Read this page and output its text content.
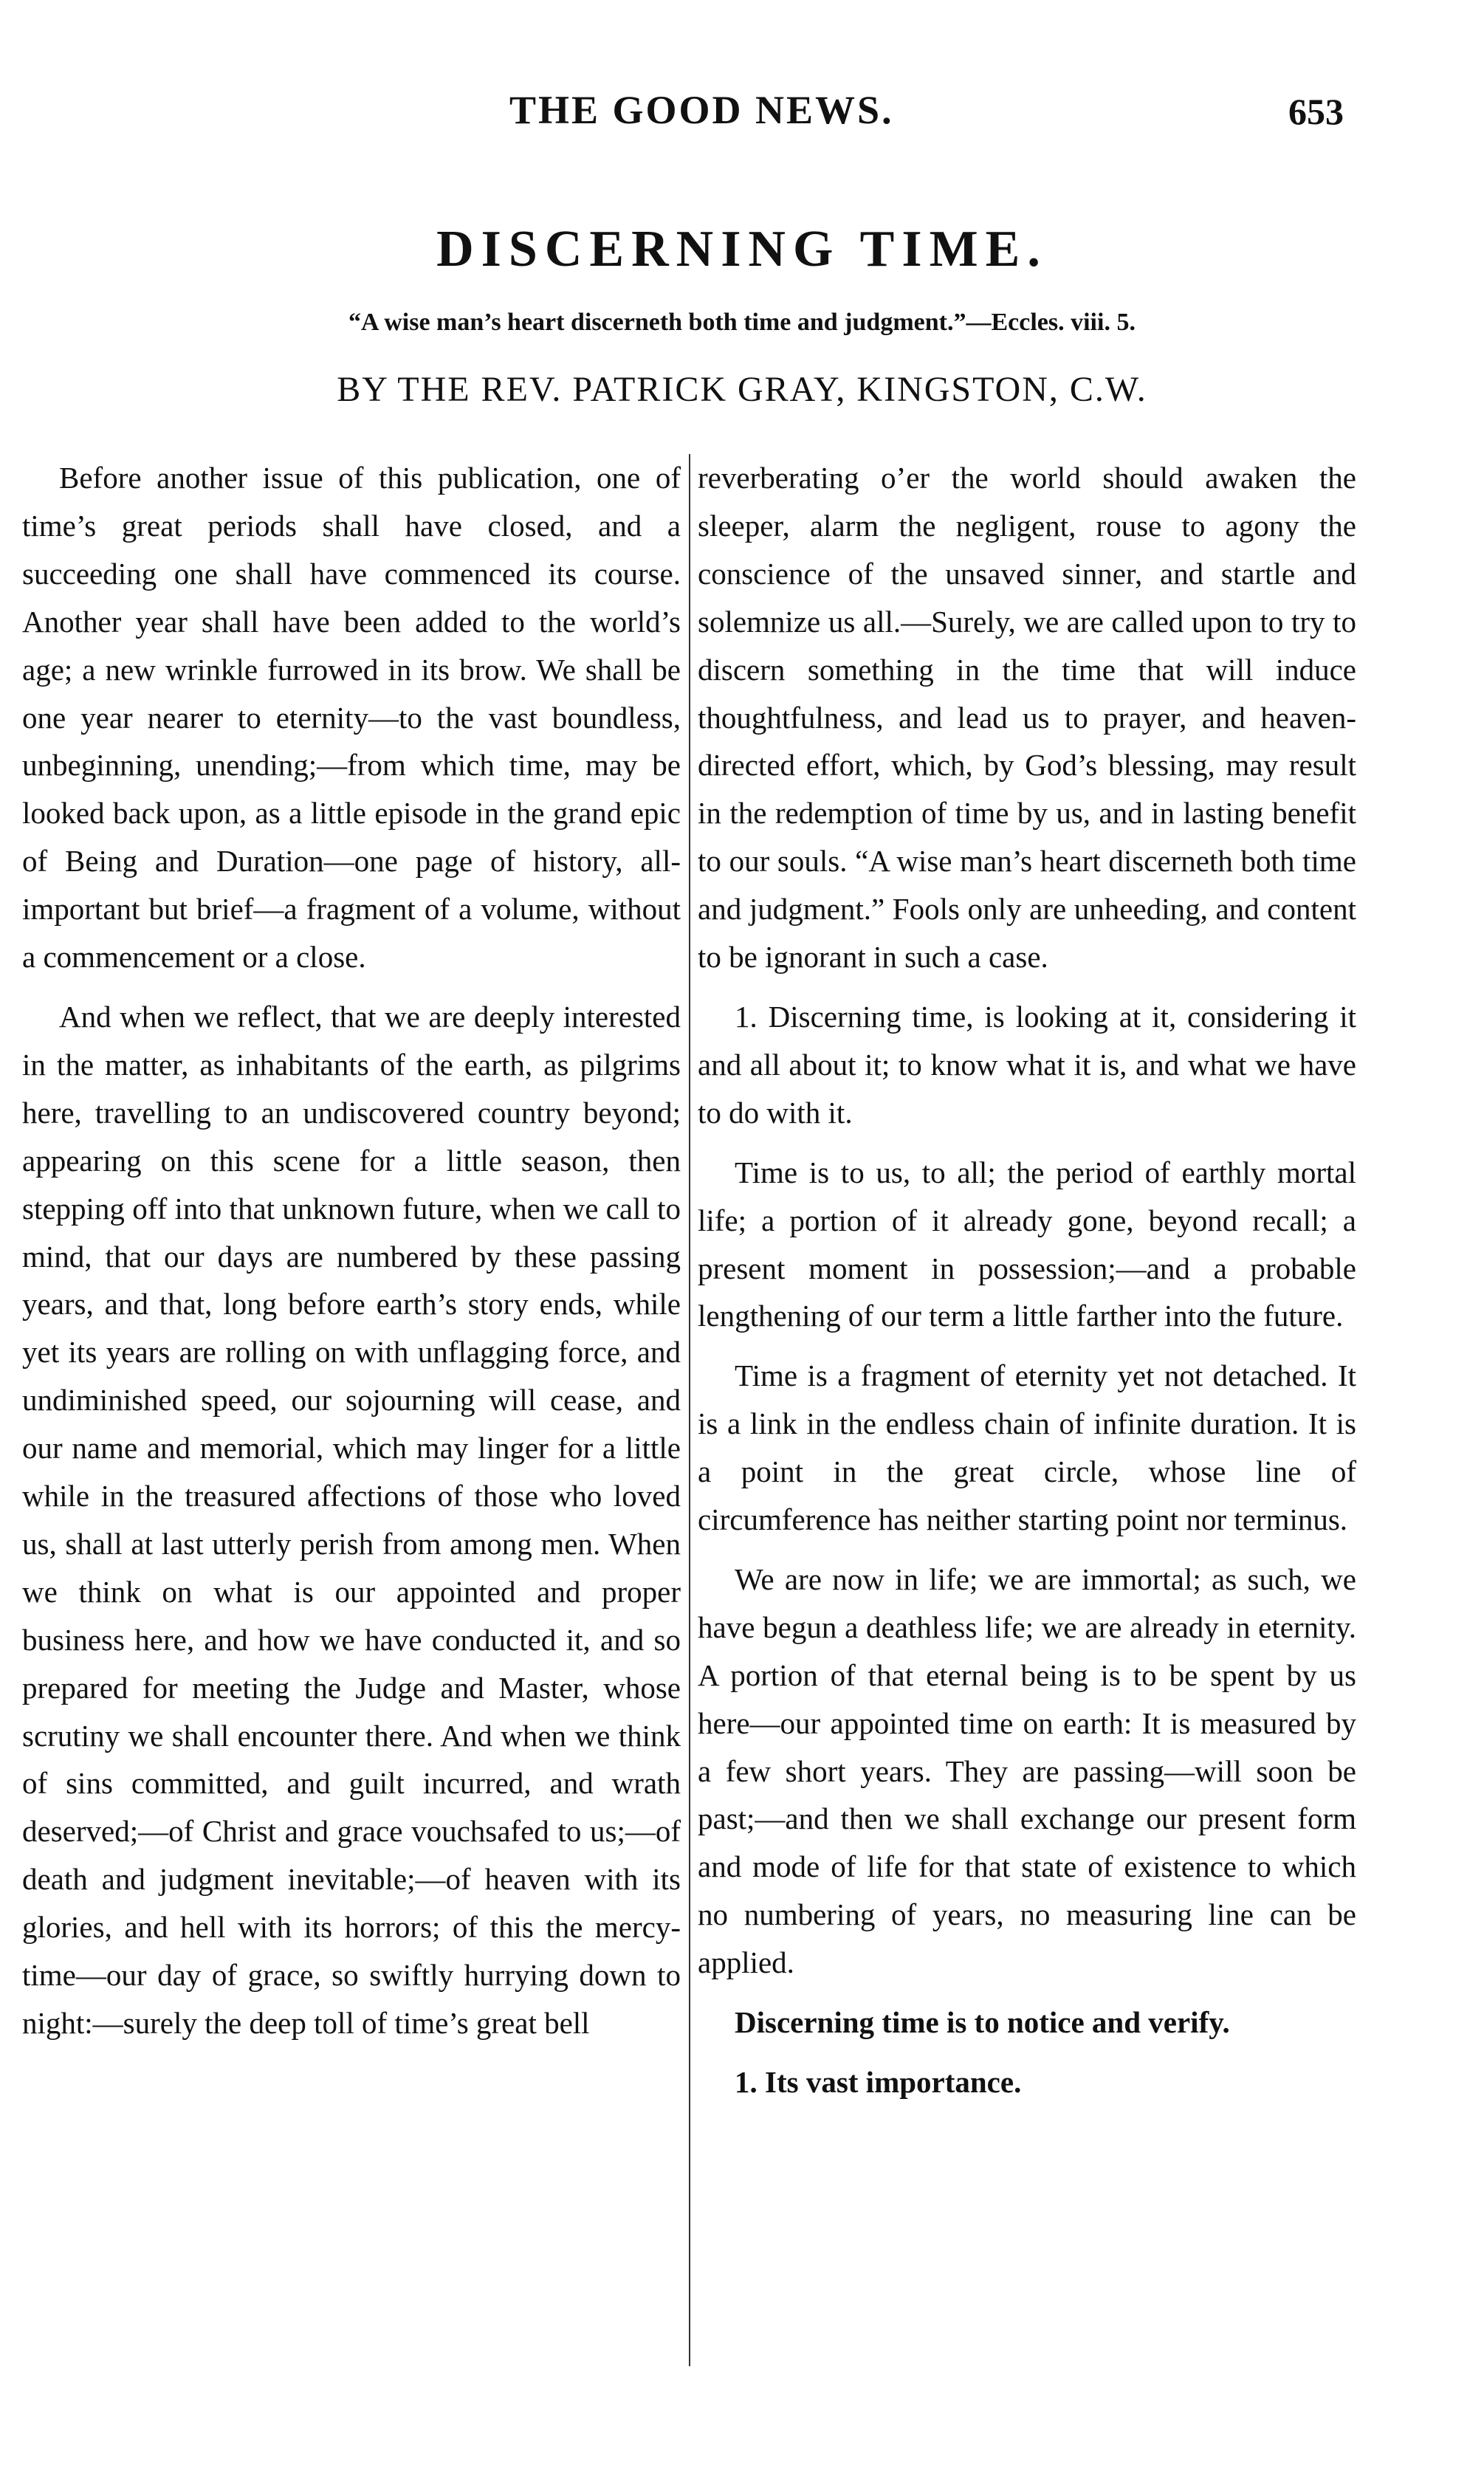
THE GOOD NEWS.	653
DISCERNING TIME.
“A wise man’s heart discerneth both time and judgment.”—Eccles. viii. 5.
BY THE REV. PATRICK GRAY, KINGSTON, C.W.

Before another issue of this publication, one of time’s great periods shall have closed, and a succeeding one shall have commenced its course. Another year shall have been added to the world’s age; a new wrinkle furrowed in its brow. We shall be one year nearer to eternity—to the vast boundless, unbeginning, unending;—from which time, may be looked back upon, as a little episode in the grand epic of Being and Duration—one page of history, all-important but brief—a fragment of a volume, without a commencement or a close.

And when we reflect, that we are deeply interested in the matter, as inhabitants of the earth, as pilgrims here, travelling to an undiscovered country beyond; appearing on this scene for a little season, then stepping off into that unknown future, when we call to mind, that our days are numbered by these passing years, and that, long before earth’s story ends, while yet its years are rolling on with unflagging force, and undiminished speed, our sojourning will cease, and our name and memorial, which may linger for a little while in the treasured affections of those who loved us, shall at last utterly perish from among men. When we think on what is our appointed and proper business here, and how we have conducted it, and so prepared for meeting the Judge and Master, whose scrutiny we shall encounter there. And when we think of sins committed, and guilt incurred, and wrath deserved;—of Christ and grace vouchsafed to us;—of death and judgment inevitable;—of heaven with its glories, and hell with its horrors; of this the mercy-time—our day of grace, so swiftly hurrying down to night:—surely the deep toll of time’s great bell

reverberating o’er the world should awaken the sleeper, alarm the negligent, rouse to agony the conscience of the unsaved sinner, and startle and solemnize us all.—Surely, we are called upon to try to discern something in the time that will induce thoughtfulness, and lead us to prayer, and heaven-directed effort, which, by God’s blessing, may result in the redemption of time by us, and in lasting benefit to our souls. “A wise man’s heart discerneth both time and judgment.” Fools only are unheeding, and content to be ignorant in such a case.

1. Discerning time, is looking at it, considering it and all about it; to know what it is, and what we have to do with it.

Time is to us, to all; the period of earthly mortal life; a portion of it already gone, beyond recall; a present moment in possession;—and a probable lengthening of our term a little farther into the future.

Time is a fragment of eternity yet not detached. It is a link in the endless chain of infinite duration. It is a point in the great circle, whose line of circumference has neither starting point nor terminus.

We are now in life; we are immortal; as such, we have begun a deathless life; we are already in eternity. A portion of that eternal being is to be spent by us here—our appointed time on earth: It is measured by a few short years. They are passing—will soon be past;—and then we shall exchange our present form and mode of life for that state of existence to which no numbering of years, no measuring line can be applied.

Discerning time is to notice and verify.

1. Its vast importance.
